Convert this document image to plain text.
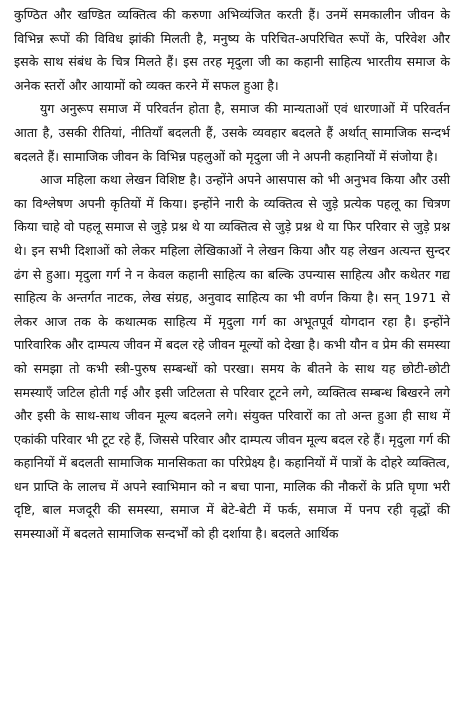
कुण्ठित और खण्डित व्यक्तित्व की करुणा अभिव्यंजित करती हैं। उनमें समकालीन जीवन के विभिन्न रूपों की विविध झांकी मिलती है, मनुष्य के परिचित-अपरिचित रूपों के, परिवेश और इसके साथ संबंध के चित्र मिलते हैं। इस तरह मृदुला जी का कहानी साहित्य भारतीय समाज के अनेक स्तरों और आयामों को व्यक्त करने में सफल हुआ है।

युग अनुरूप समाज में परिवर्तन होता है, समाज की मान्यताओं एवं धारणाओं में परिवर्तन आता है, उसकी रीतियां, नीतियाँ बदलती हैं, उसके व्यवहार बदलते हैं अर्थात् सामाजिक सन्दर्भ बदलते हैं। सामाजिक जीवन के विभिन्न पहलुओं को मृदुला जी ने अपनी कहानियों में संजोया है।

आज महिला कथा लेखन विशिष्ट है। उन्होंने अपने आसपास को भी अनुभव किया और उसी का विश्लेषण अपनी कृतियों में किया। इन्होंने नारी के व्यक्तित्व से जुड़े प्रत्येक पहलू का चित्रण किया चाहे वो पहलू समाज से जुड़े प्रश्न थे या व्यक्तित्व से जुड़े प्रश्न थे या फिर परिवार से जुड़े प्रश्न थे। इन सभी दिशाओं को लेकर महिला लेखिकाओं ने लेखन किया और यह लेखन अत्यन्त सुन्दर ढंग से हुआ। मृदुला गर्ग ने न केवल कहानी साहित्य का बल्कि उपन्यास साहित्य और कथेतर गद्य साहित्य के अन्तर्गत नाटक, लेख संग्रह, अनुवाद साहित्य का भी वर्णन किया है। सन् 1971 से लेकर आज तक के कथात्मक साहित्य में मृदुला गर्ग का अभूतपूर्व योगदान रहा है। इन्होंने पारिवारिक और दाम्पत्य जीवन में बदल रहे जीवन मूल्यों को देखा है। कभी यौन व प्रेम की समस्या को समझा तो कभी स्त्री-पुरुष सम्बन्धों को परखा। समय के बीतने के साथ यह छोटी-छोटी समस्याएँ जटिल होती गई और इसी जटिलता से परिवार टूटने लगे, व्यक्तित्व सम्बन्ध बिखरने लगे और इसी के साथ-साथ जीवन मूल्य बदलने लगे। संयुक्त परिवारों का तो अन्त हुआ ही साथ में एकांकी परिवार भी टूट रहे हैं, जिससे परिवार और दाम्पत्य जीवन मूल्य बदल रहे हैं। मृदुला गर्ग की कहानियों में बदलती सामाजिक मानसिकता का परिप्रेक्ष्य है। कहानियों में पात्रों के दोहरे व्यक्तित्व, धन प्राप्ति के लालच में अपने स्वाभिमान को न बचा पाना, मालिक की नौकरों के प्रति घृणा भरी दृष्टि, बाल मजदूरी की समस्या, समाज में बेटे-बेटी में फर्क, समाज में पनप रही वृद्धों की समस्याओं में बदलते सामाजिक सन्दर्भों को ही दर्शाया है। बदलते आर्थिक
